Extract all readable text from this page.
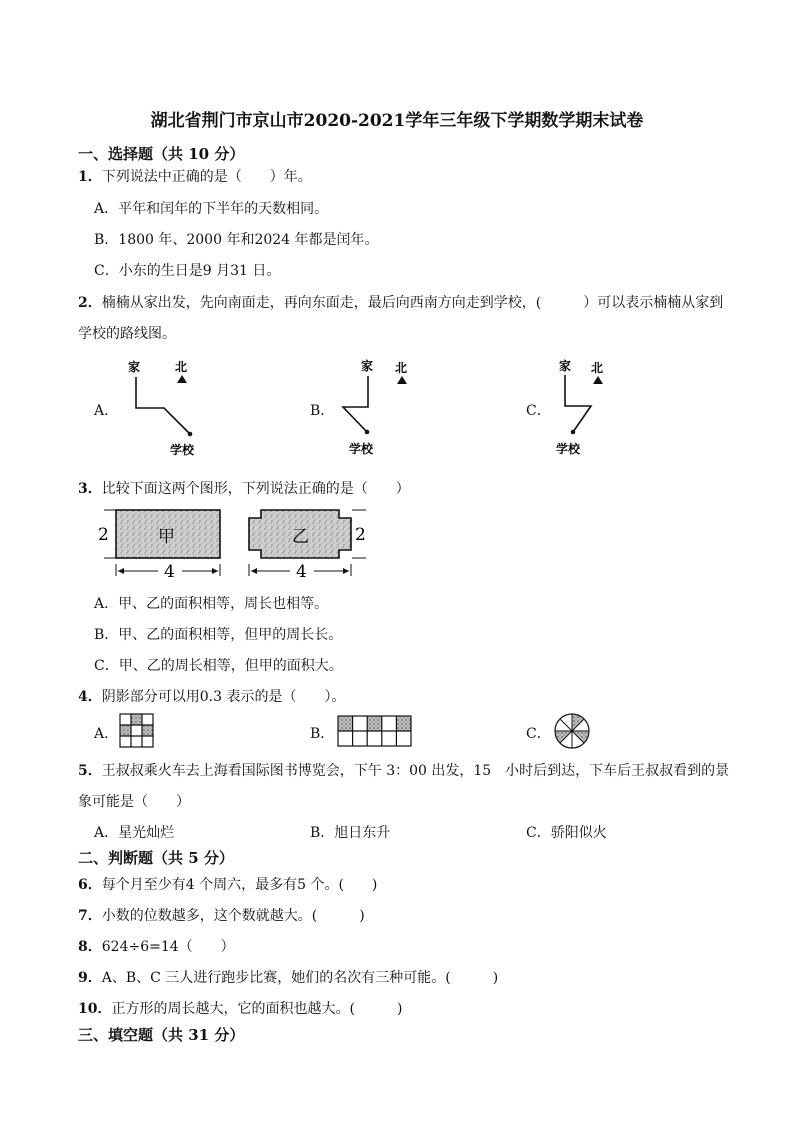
湖北省荆门市京山市2020-2021学年三年级下学期数学期末试卷
一、选择题（共 10 分）
1．下列说法中正确的是（　　）年。
A．平年和闰年的下半年的天数相同。
B．1800 年、2000 年和2024 年都是闰年。
C．小东的生日是9 月31 日。
2．楠楠从家出发，先向南面走，再向东面走，最后向西南方向走到学校，(　　　）可以表示楠楠从家到
学校的路线图。
A．
家	北
学校
B．
家 北
学校
C．
家 北
学校
3．比较下面这两个图形，下列说法正确的是（　　）
2	甲
4
乙	2
4
A．甲、乙的面积相等，周长也相等。
B．甲、乙的面积相等，但甲的周长长。
C．甲、乙的周长相等，但甲的面积大。
4．阴影部分可以用0.3 表示的是（　　）。
A．	B．	C．
5．王叔叔乘火车去上海看国际图书博览会，下午 3：00 出发，15　小时后到达，下车后王叔叔看到的景
象可能是（　　）
A．星光灿烂	B．旭日东升	C．骄阳似火
二、判断题（共 5 分）
6．每个月至少有4 个周六，最多有5 个。(　　)
7．小数的位数越多，这个数就越大。(　　　)
8．624÷6=14（　　）
9．A、B、C 三人进行跑步比赛，她们的名次有三种可能。(　　　)
10．正方形的周长越大，它的面积也越大。(　　　)
三、填空题（共 31 分）
